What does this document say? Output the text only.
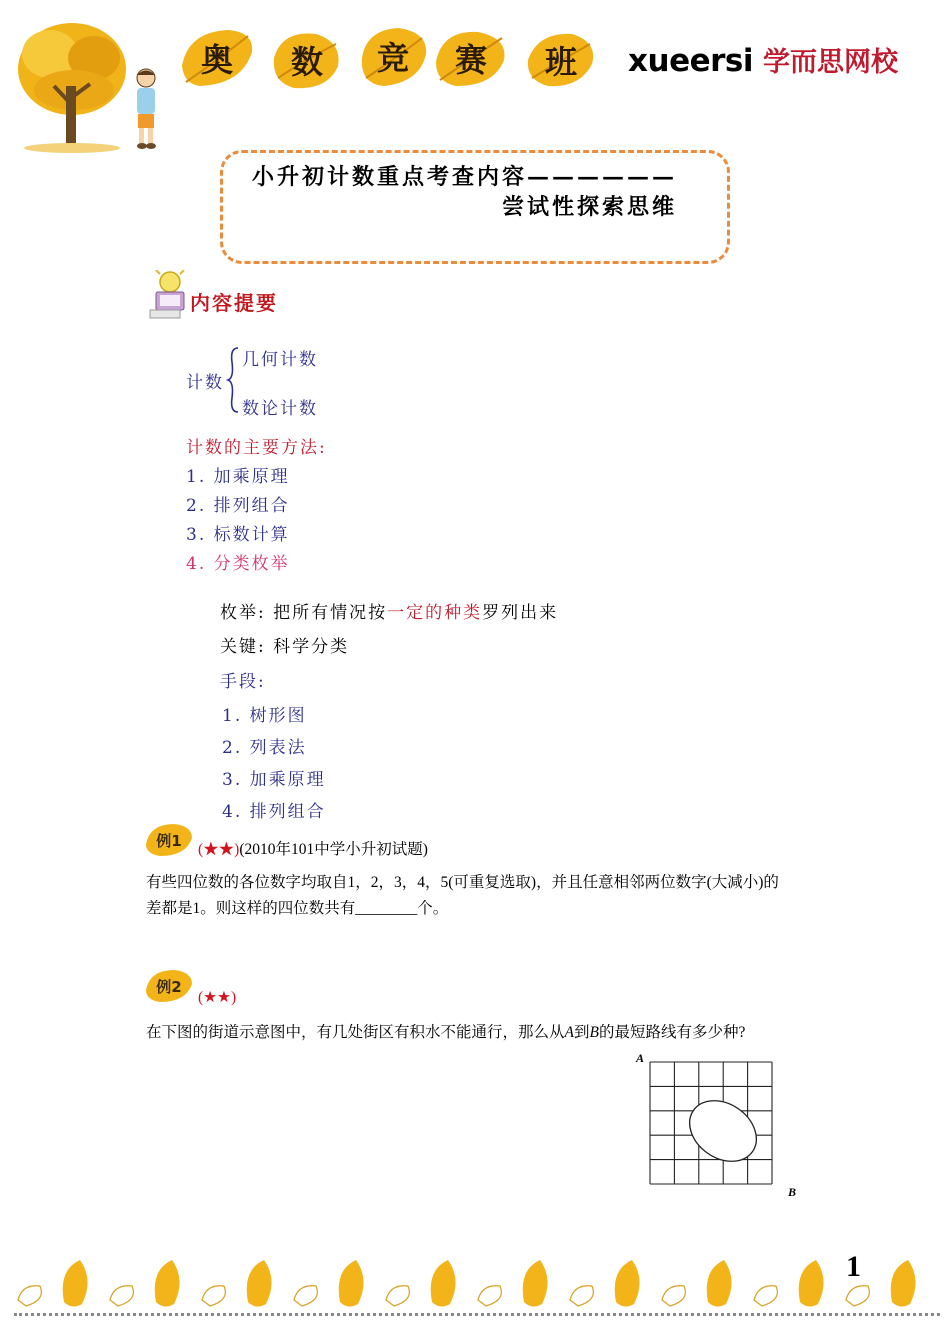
奥	数	竞	赛	班	xueersi 学而思网校
小升初计数重点考查内容——————
尝试性探索思维
内容提要
计数
几何计数
数论计数
计数的主要方法:
1. 加乘原理
2. 排列组合
3. 标数计算
4. 分类枚举
枚举: 把所有情况按一定的种类罗列出来
关键: 科学分类
手段:
1. 树形图
2. 列表法
3. 加乘原理
4. 排列组合
例1	(★★)(2010年101中学小升初试题)
有些四位数的各位数字均取自1，2，3，4，5(可重复选取)，并且任意相邻两位数字(大减小)的
差都是1。则这样的四位数共有________个。
例2
(★★)
在下图的街道示意图中，有几处街区有积水不能通行，那么从A到B的最短路线有多少种?
A
B
1
